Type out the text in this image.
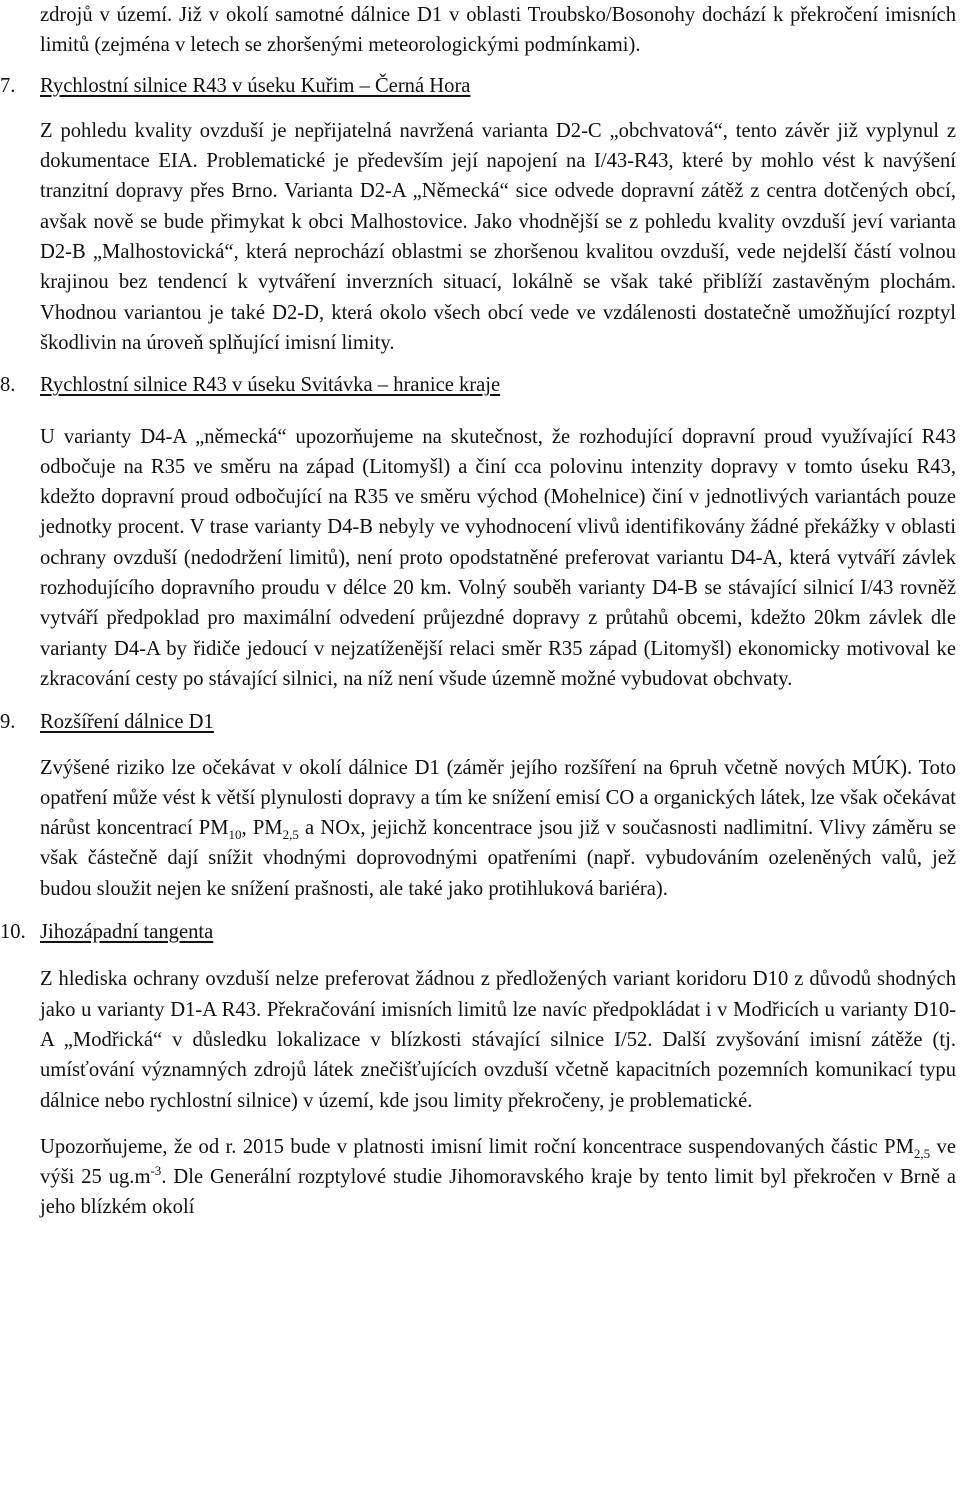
zdrojů v území. Již v okolí samotné dálnice D1 v oblasti Troubsko/Bosonohy dochází k překročení imisních limitů (zejména v letech se zhoršenými meteorologickými podmínkami).

7. Rychlostní silnice R43 v úseku Kuřim – Černá Hora

Z pohledu kvality ovzduší je nepřijatelná navržená varianta D2-C „obchvatová“, tento závěr již vyplynul z dokumentace EIA. Problematické je především její napojení na I/43-R43, které by mohlo vést k navýšení tranzitní dopravy přes Brno. Varianta D2-A „Německá“ sice odvede dopravní zátěž z centra dotčených obcí, avšak nově se bude přimykat k obci Malhostovice. Jako vhodnější se z pohledu kvality ovzduší jeví varianta D2-B „Malhostovická“, která neprochází oblastmi se zhoršenou kvalitou ovzduší, vede nejdelší částí volnou krajinou bez tendencí k vytváření inverzních situací, lokálně se však také přiblíží zastavěným plochám. Vhodnou variantou je také D2-D, která okolo všech obcí vede ve vzdálenosti dostatečně umožňující rozptyl škodlivin na úroveň splňující imisní limity.

8. Rychlostní silnice R43 v úseku Svitávka – hranice kraje

U varianty D4-A „německá“ upozorňujeme na skutečnost, že rozhodující dopravní proud využívající R43 odbočuje na R35 ve směru na západ (Litomyšl) a činí cca polovinu intenzity dopravy v tomto úseku R43, kdežto dopravní proud odbočující na R35 ve směru východ (Mohelnice) činí v jednotlivých variantách pouze jednotky procent. V trase varianty D4-B nebyly ve vyhodnocení vlivů identifikovány žádné překážky v oblasti ochrany ovzduší (nedodržení limitů), není proto opodstatněné preferovat variantu D4-A, která vytváří závlek rozhodujícího dopravního proudu v délce 20 km. Volný souběh varianty D4-B se stávající silnicí I/43 rovněž vytváří předpoklad pro maximální odvedení průjezdné dopravy z průtahů obcemi, kdežto 20km závlek dle varianty D4-A by řidiče jedoucí v nejzatíženější relaci směr R35 západ (Litomyšl) ekonomicky motivoval ke zkracování cesty po stávající silnici, na níž není všude územně možné vybudovat obchvaty.

9. Rozšíření dálnice D1

Zvýšené riziko lze očekávat v okolí dálnice D1 (záměr jejího rozšíření na 6pruh včetně nových MÚK). Toto opatření může vést k větší plynulosti dopravy a tím ke snížení emisí CO a organických látek, lze však očekávat nárůst koncentrací $PM_{10}$, $PM_{2,5}$ a NOx, jejichž koncentrace jsou již v současnosti nadlimitní. Vlivy záměru se však částečně dají snížit vhodnými doprovodnými opatřeními (např. vybudováním ozeleněných valů, jež budou sloužit nejen ke snížení prašnosti, ale také jako protihluková bariéra).

10. Jihozápadní tangenta

Z hlediska ochrany ovzduší nelze preferovat žádnou z předložených variant koridoru D10 z důvodů shodných jako u varianty D1-A R43. Překračování imisních limitů lze navíc předpokládat i v Modřicích u varianty D10-A „Modřická“ v důsledku lokalizace v blízkosti stávající silnice I/52. Další zvyšování imisní zátěže (tj. umísťování významných zdrojů látek znečišťujících ovzduší včetně kapacitních pozemních komunikací typu dálnice nebo rychlostní silnice) v území, kde jsou limity překročeny, je problematické.

Upozorňujeme, že od r. 2015 bude v platnosti imisní limit roční koncentrace suspendovaných částic $PM_{2,5}$ ve výši 25 $ug.m^{-3}$. Dle Generální rozptylové studie Jihomoravského kraje by tento limit byl překročen v Brně a jeho blízkém okolí
